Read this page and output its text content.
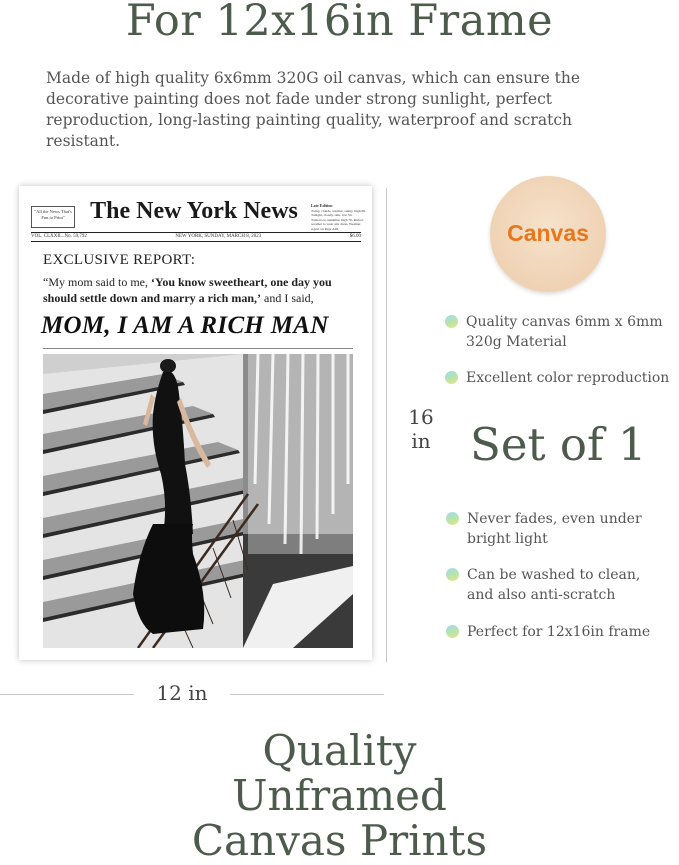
For 12x16in Frame
Made of high quality 6x6mm 320G oil canvas, which can ensure the decorative painting does not fade under strong sunlight, perfect reproduction, long-lasting painting quality, waterproof and scratch resistant.
"All the News That's Fun to Print"	The New York News	Late Edition
Today, clouds, warmer, sunny, high 68. Tonight, cloudy, rain, low 54. Tomorrow, sunshine, high 70. Perfect weather to wear any dress. Weather report on Page A26.
VOL. CLXXII...No. 59,792	NEW YORK, SUNDAY, MARCH 8, 2023	$6.00
EXCLUSIVE REPORT:
“My mom said to me, ‘You know sweetheart, one day you should settle down and marry a rich man,’ and I said,
MOM, I AM A RICH MAN
16
in
12 in
Canvas
Quality canvas 6mm x 6mm 320g Material
Excellent color reproduction
Set of 1
Never fades, even under bright light
Can be washed to clean, and also anti-scratch
Perfect for 12x16in frame
Quality
Unframed
Canvas Prints
